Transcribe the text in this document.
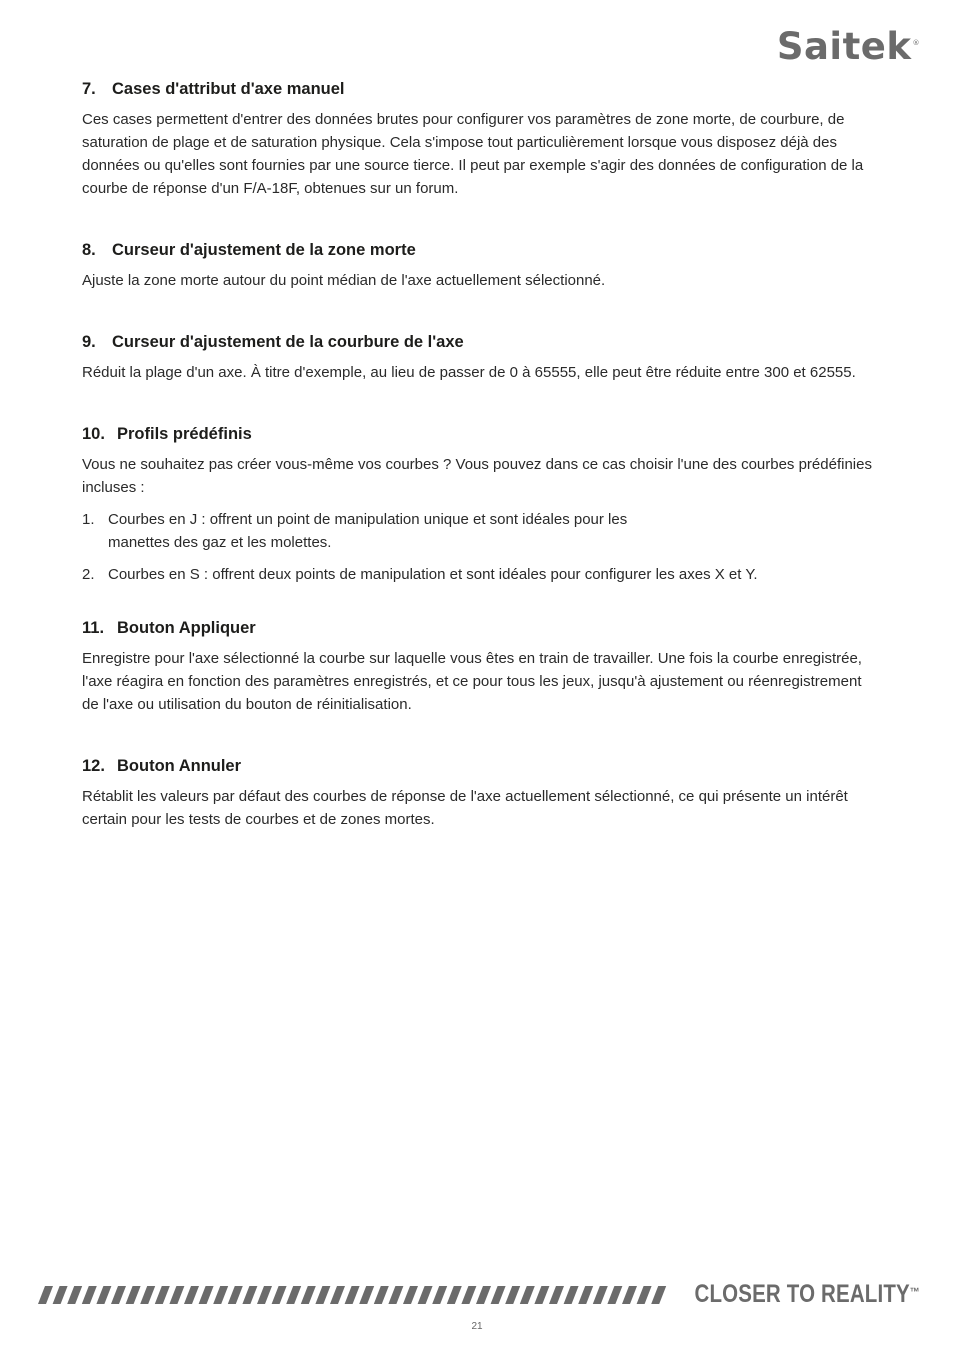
Saitek®
7. Cases d'attribut d'axe manuel

Ces cases permettent d'entrer des données brutes pour configurer vos paramètres de zone morte, de courbure, de saturation de plage et de saturation physique. Cela s'impose tout particulièrement lorsque vous disposez déjà des données ou qu'elles sont fournies par une source tierce. Il peut par exemple s'agir des données de configuration de la courbe de réponse d'un F/A-18F, obtenues sur un forum.

8. Curseur d'ajustement de la zone morte

Ajuste la zone morte autour du point médian de l'axe actuellement sélectionné.

9. Curseur d'ajustement de la courbure de l'axe

Réduit la plage d'un axe. À titre d'exemple, au lieu de passer de 0 à 65555, elle peut être réduite entre 300 et 62555.

10. Profils prédéfinis

Vous ne souhaitez pas créer vous-même vos courbes ? Vous pouvez dans ce cas choisir l'une des courbes prédéfinies incluses :

1. Courbes en J : offrent un point de manipulation unique et sont idéales pour les manettes des gaz et les molettes.
2. Courbes en S : offrent deux points de manipulation et sont idéales pour configurer les axes X et Y.
11. Bouton Appliquer

Enregistre pour l'axe sélectionné la courbe sur laquelle vous êtes en train de travailler. Une fois la courbe enregistrée, l'axe réagira en fonction des paramètres enregistrés, et ce pour tous les jeux, jusqu'à ajustement ou réenregistrement de l'axe ou utilisation du bouton de réinitialisation.

12. Bouton Annuler

Rétablit les valeurs par défaut des courbes de réponse de l'axe actuellement sélectionné, ce qui présente un intérêt certain pour les tests de courbes et de zones mortes.

CLOSER TO REALITY™
21
